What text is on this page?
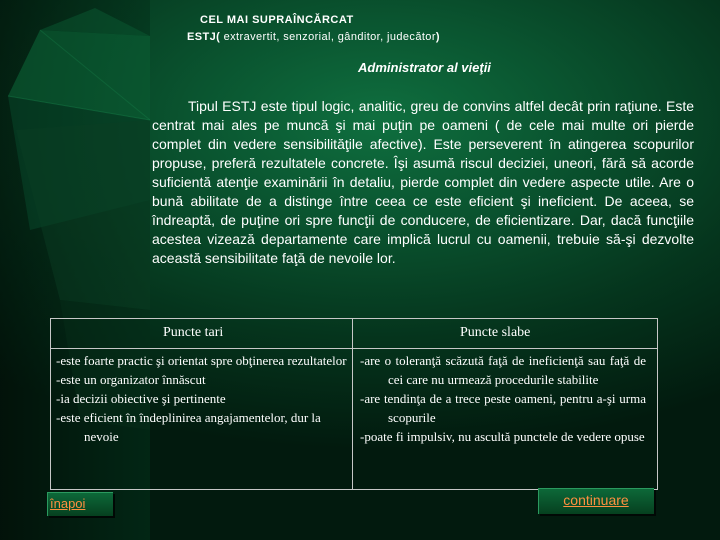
CEL MAI SUPRAÎNCĂRCAT
ESTJ( extravertit, senzorial, gânditor, judecător)
Administrator al vieţii
Tipul ESTJ este tipul logic, analitic, greu de convins altfel decât prin raţiune. Este centrat mai ales pe muncă şi mai puţin pe oameni ( de cele mai multe ori pierde complet din vedere sensibilităţile afective). Este perseverent în atingerea scopurilor propuse, preferă rezultatele concrete. Îşi asumă riscul deciziei, uneori, fără să acorde suficientă atenţie examinării în detaliu, pierde complet din vedere aspecte utile. Are o bună abilitate de a distinge între ceea ce este eficient şi ineficient. De aceea, se îndreaptă, de puţine ori spre funcţii de conducere, de eficientizare. Dar, dacă funcţiile acestea vizează departamente care implică lucrul cu oamenii, trebuie să-şi dezvolte această sensibilitate faţă de nevoile lor.
Puncte tari	Puncte slabe
-este foarte practic şi orientat spre obţinerea rezultatelor
-este un organizator înnăscut
-ia decizii obiective şi pertinente
-este eficient în îndeplinirea angajamentelor, dur la nevoie
-are o toleranţă scăzută faţă de ineficienţă sau faţă de cei care nu urmează procedurile stabilite
-are tendinţa de a trece peste oameni, pentru a-şi urma scopurile
-poate fi impulsiv, nu ascultă punctele de vedere opuse
înapoi	continuare
